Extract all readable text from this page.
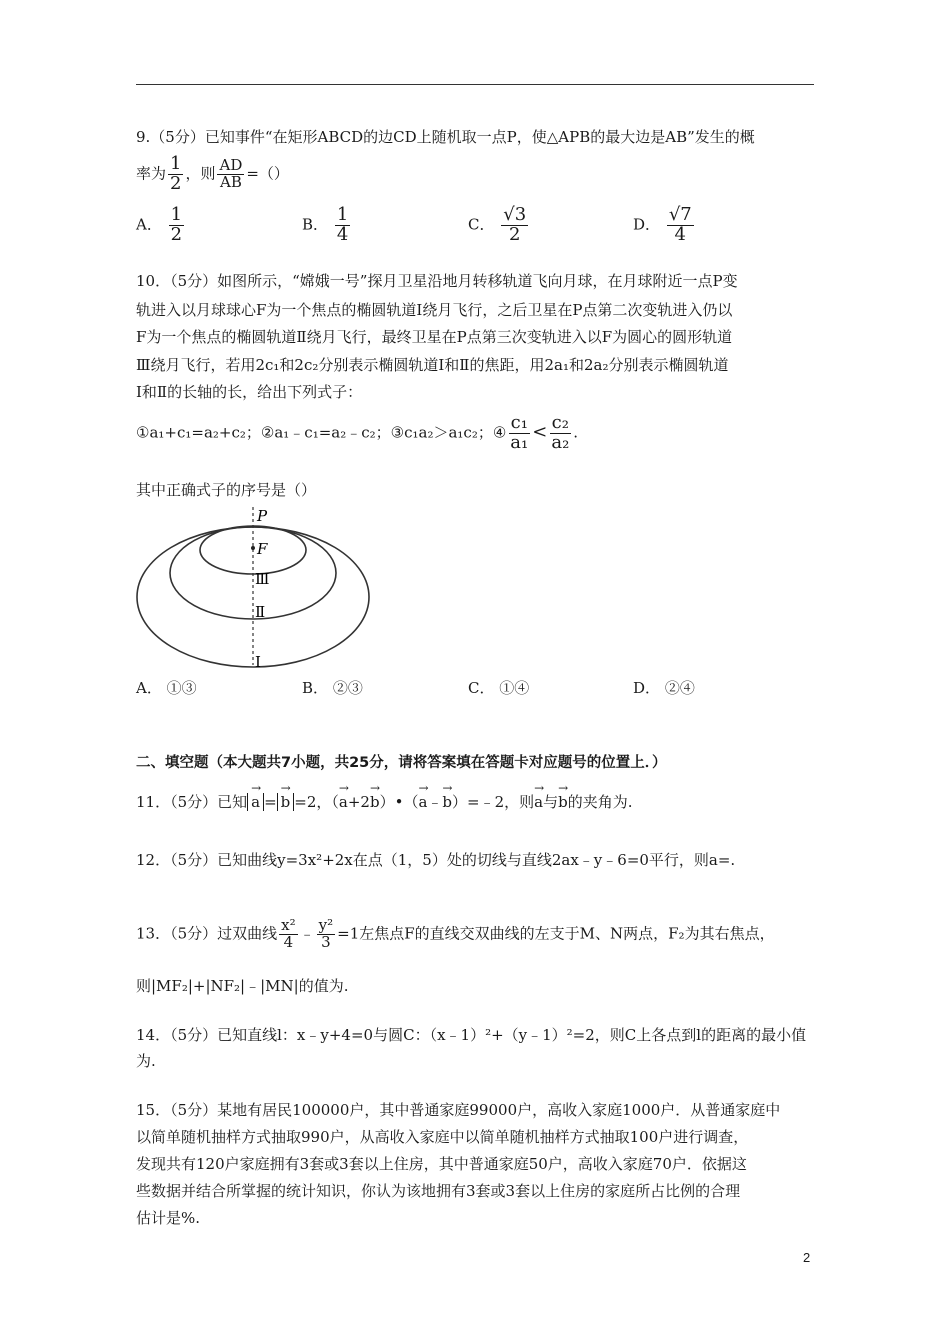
9.（5分）已知事件“在矩形ABCD的边CD上随机取一点P，使△APB的最大边是AB”发生的概
率为 $\frac{1}{2}$ ，则 $\frac{AD}{AB}$ =（）
A． $\frac{1}{2}$	B． $\frac{1}{4}$	C． $\frac{√3}{2}$	D． $\frac{√7}{4}$
10．（5分）如图所示，“嫦娥一号”探月卫星沿地月转移轨道飞向月球，在月球附近一点P变
轨进入以月球球心F为一个焦点的椭圆轨道Ⅰ绕月飞行，之后卫星在P点第二次变轨进入仍以
F为一个焦点的椭圆轨道Ⅱ绕月飞行，最终卫星在P点第三次变轨进入以F为圆心的圆形轨道
Ⅲ绕月飞行，若用2c₁和2c₂分别表示椭圆轨道Ⅰ和Ⅱ的焦距，用2a₁和2a₂分别表示椭圆轨道
Ⅰ和Ⅱ的长轴的长，给出下列式子：
①a₁+c₁=a₂+c₂；②a₁﹣c₁=a₂﹣c₂；③c₁a₂＞a₁c₂；④ $\frac{\text{c₁}}{\text{a₁}} < \frac{\text{c₂}}{\text{a₂}}$ .
其中正确式子的序号是（）
P
F
Ⅲ
Ⅱ
Ⅰ
A． ①③	B． ②③	C． ①④	D． ②④
二、填空题（本大题共7小题，共25分，请将答案填在答题卡对应题号的位置上．）
11．（5分）已知 → a = → b =2，（→ a+2→ b）•（→ a﹣→ b）=﹣2，则→ a与→ b的夹角为.
12．（5分）已知曲线y=3x²+2x在点（1，5）处的切线与直线2ax﹣y﹣6=0平行，则a=.
13．（5分）过双曲线 $\frac{\text{x²}}{4}$ ﹣ $\frac{\text{y²}}{3} =1$左焦点F的直线交双曲线的左支于M、N两点，F₂为其右焦点，
则|MF₂|+|NF₂|﹣|MN|的值为.
14．（5分）已知直线l：x﹣y+4=0与圆C：（x﹣1）²+（y﹣1）²=2，则C上各点到l的距离的最小值
为.
15．（5分）某地有居民100000户，其中普通家庭99000户，高收入家庭1000户．从普通家庭中
以简单随机抽样方式抽取990户，从高收入家庭中以简单随机抽样方式抽取100户进行调查，
发现共有120户家庭拥有3套或3套以上住房，其中普通家庭50户，高收入家庭70户．依据这
些数据并结合所掌握的统计知识，你认为该地拥有3套或3套以上住房的家庭所占比例的合理
估计是%.
2
